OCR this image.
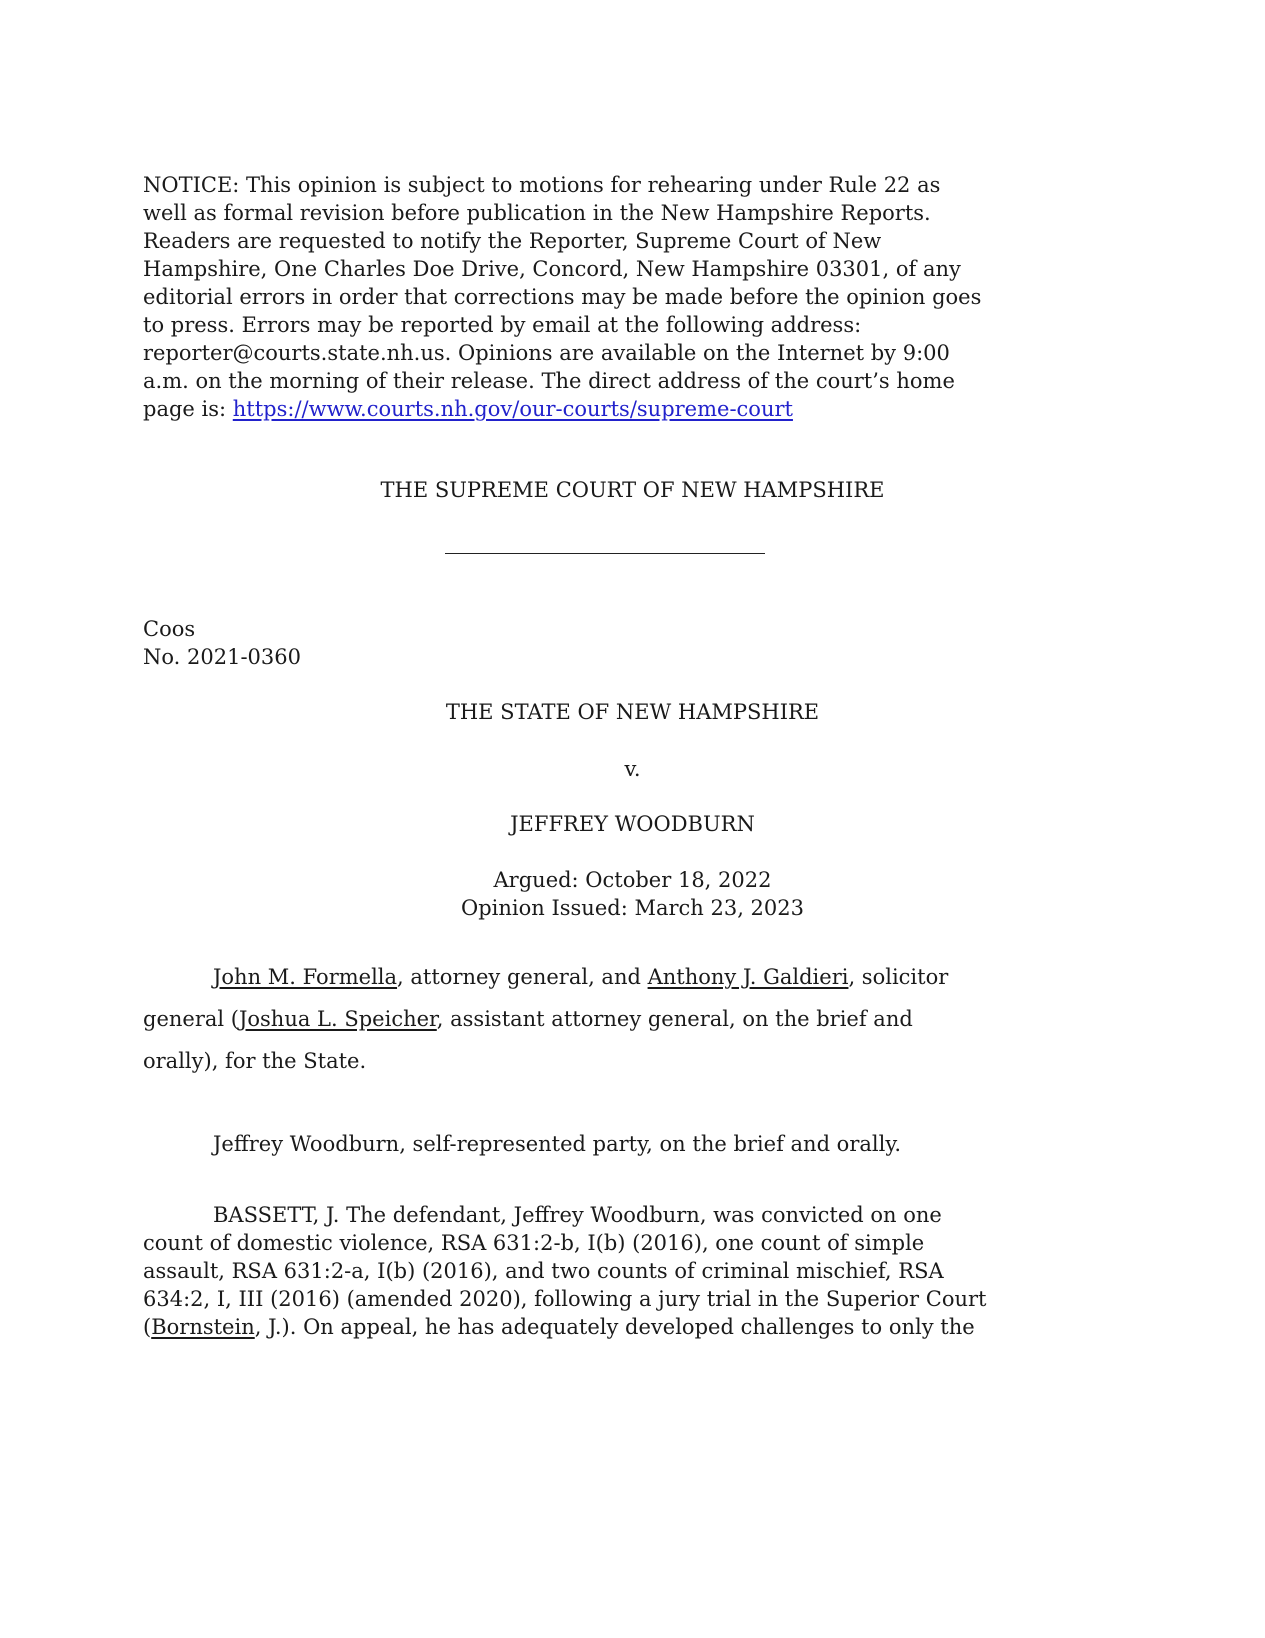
NOTICE: This opinion is subject to motions for rehearing under Rule 22 as
well as formal revision before publication in the New Hampshire Reports.
Readers are requested to notify the Reporter, Supreme Court of New
Hampshire, One Charles Doe Drive, Concord, New Hampshire 03301, of any
editorial errors in order that corrections may be made before the opinion goes
to press. Errors may be reported by email at the following address:
reporter@courts.state.nh.us. Opinions are available on the Internet by 9:00
a.m. on the morning of their release. The direct address of the court’s home
page is: https://www.courts.nh.gov/our-courts/supreme-court
THE SUPREME COURT OF NEW HAMPSHIRE
Coos
No. 2021-0360
THE STATE OF NEW HAMPSHIRE
v.
JEFFREY WOODBURN
Argued: October 18, 2022
Opinion Issued: March 23, 2023
John M. Formella, attorney general, and Anthony J. Galdieri, solicitor
general (Joshua L. Speicher, assistant attorney general, on the brief and
orally), for the State.
Jeffrey Woodburn, self-represented party, on the brief and orally.
BASSETT, J. The defendant, Jeffrey Woodburn, was convicted on one
count of domestic violence, RSA 631:2-b, I(b) (2016), one count of simple
assault, RSA 631:2-a, I(b) (2016), and two counts of criminal mischief, RSA
634:2, I, III (2016) (amended 2020), following a jury trial in the Superior Court
(Bornstein, J.). On appeal, he has adequately developed challenges to only the
